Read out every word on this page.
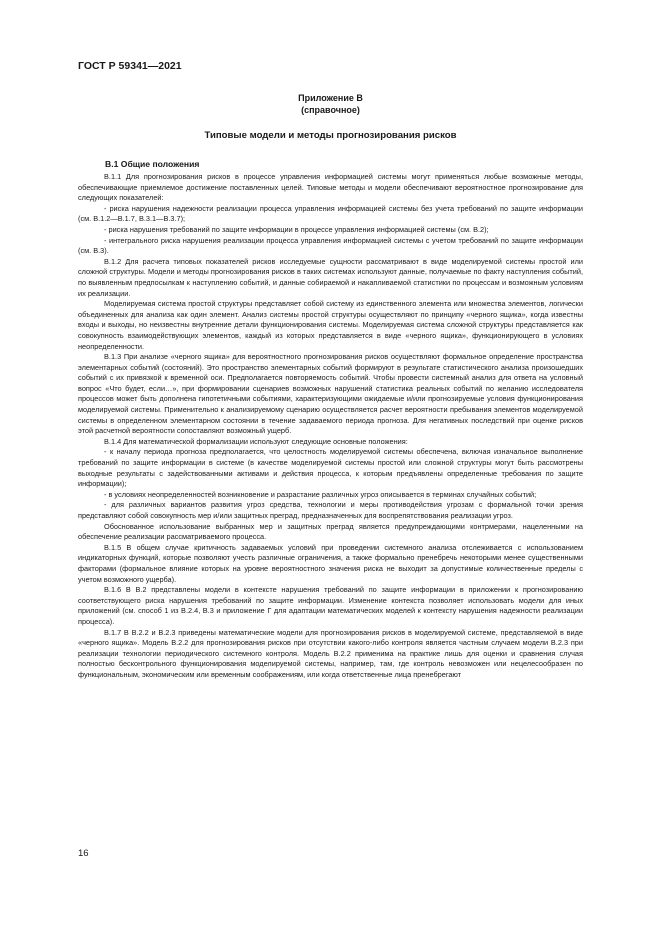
ГОСТ Р 59341—2021
Приложение В
(справочное)
Типовые модели и методы прогнозирования рисков
В.1 Общие положения

В.1.1 Для прогнозирования рисков в процессе управления информацией системы могут применяться любые возможные методы, обеспечивающие приемлемое достижение поставленных целей. Типовые методы и модели обеспечивают вероятностное прогнозирование для следующих показателей:

- риска нарушения надежности реализации процесса управления информацией системы без учета требований по защите информации (см. В.1.2—В.1.7, В.3.1—В.3.7);

- риска нарушения требований по защите информации в процессе управления информацией системы (см. В.2);

- интегрального риска нарушения реализации процесса управления информацией системы с учетом требований по защите информации (см. В.3).

В.1.2 Для расчета типовых показателей рисков исследуемые сущности рассматривают в виде моделируемой системы простой или сложной структуры. Модели и методы прогнозирования рисков в таких системах используют данные, получаемые по факту наступления событий, по выявленным предпосылкам к наступлению событий, и данные собираемой и накапливаемой статистики по процессам и возможным условиям их реализации.

Моделируемая система простой структуры представляет собой систему из единственного элемента или множества элементов, логически объединенных для анализа как один элемент. Анализ системы простой структуры осуществляют по принципу «черного ящика», когда известны входы и выходы, но неизвестны внутренние детали функционирования системы. Моделируемая система сложной структуры представляется как совокупность взаимодействующих элементов, каждый из которых представляется в виде «черного ящика», функционирующего в условиях неопределенности.

В.1.3 При анализе «черного ящика» для вероятностного прогнозирования рисков осуществляют формальное определение пространства элементарных событий (состояний). Это пространство элементарных событий формируют в результате статистического анализа произошедших событий с их привязкой к временной оси. Предполагается повторяемость событий. Чтобы провести системный анализ для ответа на условный вопрос «Что будет, если…», при формировании сценариев возможных нарушений статистика реальных событий по желанию исследователя процессов может быть дополнена гипотетичными событиями, характеризующими ожидаемые и/или прогнозируемые условия функционирования моделируемой системы. Применительно к анализируемому сценарию осуществляется расчет вероятности пребывания элементов моделируемой системы в определенном элементарном состоянии в течение задаваемого периода прогноза. Для негативных последствий при оценке рисков этой расчетной вероятности сопоставляют возможный ущерб.

В.1.4 Для математической формализации используют следующие основные положения:

- к началу периода прогноза предполагается, что целостность моделируемой системы обеспечена, включая изначальное выполнение требований по защите информации в системе (в качестве моделируемой системы простой или сложной структуры могут быть рассмотрены выходные результаты с задействованными активами и действия процесса, к которым предъявлены определенные требования по защите информации);

- в условиях неопределенностей возникновение и разрастание различных угроз описывается в терминах случайных событий;

- для различных вариантов развития угроз средства, технологии и меры противодействия угрозам с формальной точки зрения представляют собой совокупность мер и/или защитных преград, предназначенных для воспрепятствования реализации угроз.

Обоснованное использование выбранных мер и защитных преград является предупреждающими контрмерами, нацеленными на обеспечение реализации рассматриваемого процесса.

В.1.5 В общем случае критичность задаваемых условий при проведении системного анализа отслеживается с использованием индикаторных функций, которые позволяют учесть различные ограничения, а также формально пренебречь некоторыми менее существенными факторами (формальное влияние которых на уровне вероятностного значения риска не выходит за допустимые количественные пределы с учетом возможного ущерба).

В.1.6 В В.2 представлены модели в контексте нарушения требований по защите информации в приложении к прогнозированию соответствующего риска нарушения требований по защите информации. Изменение контекста позволяет использовать модели для иных приложений (см. способ 1 из В.2.4, В.3 и приложение Г для адаптации математических моделей к контексту нарушения надежности реализации процесса).

В.1.7 В В.2.2 и В.2.3 приведены математические модели для прогнозирования рисков в моделируемой системе, представляемой в виде «черного ящика». Модель В.2.2 для прогнозирования рисков при отсутствии какого-либо контроля является частным случаем модели В.2.3 при реализации технологии периодического системного контроля. Модель В.2.2 применима на практике лишь для оценки и сравнения случая полностью бесконтрольного функционирования моделируемой системы, например, там, где контроль невозможен или нецелесообразен по функциональным, экономическим или временным соображениям, или когда ответственные лица пренебрегают

16
